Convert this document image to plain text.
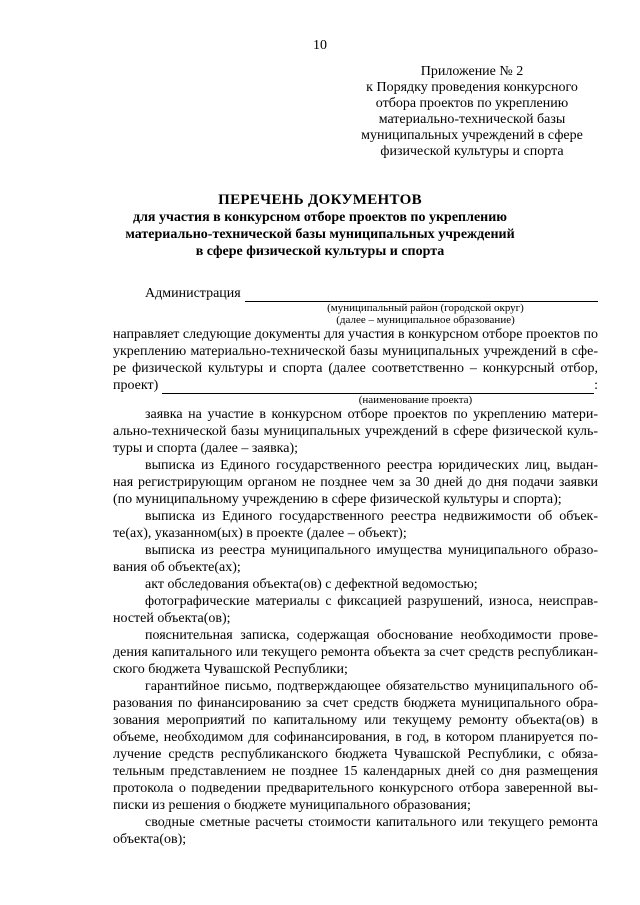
10
Приложение № 2
к Порядку проведения конкурсного
отбора проектов по укреплению
материально-технической базы
муниципальных учреждений в сфере
физической культуры и спорта
ПЕРЕЧЕНЬ ДОКУМЕНТОВ
для участия в конкурсном отборе проектов по укреплению
материально-технической базы муниципальных учреждений
в сфере физической культуры и спорта
Администрация
(муниципальный район (городской округ)
(далее – муниципальное образование)
направляет следующие документы для участия в конкурсном отборе проектов по
укреплению материально-технической базы муниципальных учреждений в сфе-
ре физической культуры и спорта (далее соответственно – конкурсный отбор,
проект)	:
(наименование проекта)
заявка на участие в конкурсном отборе проектов по укреплению матери-
ально-технической базы муниципальных учреждений в сфере физической куль-
туры и спорта (далее – заявка);
выписка из Единого государственного реестра юридических лиц, выдан-
ная регистрирующим органом не позднее чем за 30 дней до дня подачи заявки
(по муниципальному учреждению в сфере физической культуры и спорта);
выписка из Единого государственного реестра недвижимости об объек-
те(ах), указанном(ых) в проекте (далее – объект);
выписка из реестра муниципального имущества муниципального образо-
вания об объекте(ах);
акт обследования объекта(ов) с дефектной ведомостью;
фотографические материалы с фиксацией разрушений, износа, неисправ-
ностей объекта(ов);
пояснительная записка, содержащая обоснование необходимости прове-
дения капитального или текущего ремонта объекта за счет средств республикан-
ского бюджета Чувашской Республики;
гарантийное письмо, подтверждающее обязательство муниципального об-
разования по финансированию за счет средств бюджета муниципального обра-
зования мероприятий по капитальному или текущему ремонту объекта(ов) в
объеме, необходимом для софинансирования, в год, в котором планируется по-
лучение средств республиканского бюджета Чувашской Республики, с обяза-
тельным представлением не позднее 15 календарных дней со дня размещения
протокола о подведении предварительного конкурсного отбора заверенной вы-
писки из решения о бюджете муниципального образования;
сводные сметные расчеты стоимости капитального или текущего ремонта
объекта(ов);
